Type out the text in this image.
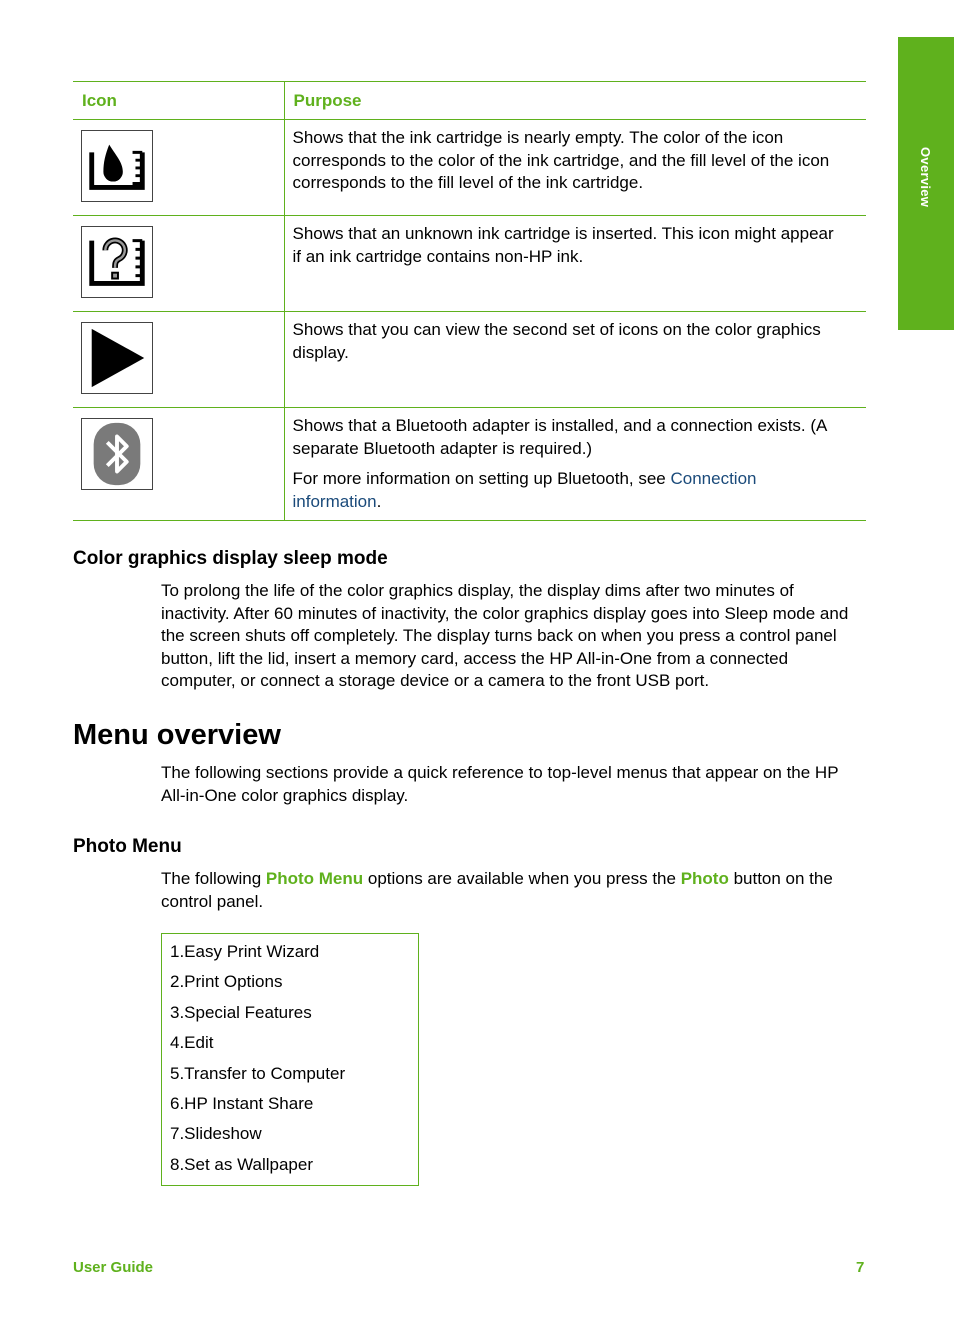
Overview
Icon	Purpose

Shows that the ink cartridge is nearly empty. The color of the icon corresponds to the color of the ink cartridge, and the fill level of the icon corresponds to the fill level of the ink cartridge.

Shows that an unknown ink cartridge is inserted. This icon might appear if an ink cartridge contains non-HP ink.

Shows that you can view the second set of icons on the color graphics display.

Shows that a Bluetooth adapter is installed, and a connection exists. (A separate Bluetooth adapter is required.)

For more information on setting up Bluetooth, see Connection information.

Color graphics display sleep mode

To prolong the life of the color graphics display, the display dims after two minutes of inactivity. After 60 minutes of inactivity, the color graphics display goes into Sleep mode and the screen shuts off completely. The display turns back on when you press a control panel button, lift the lid, insert a memory card, access the HP All-in-One from a connected computer, or connect a storage device or a camera to the front USB port.

Menu overview

The following sections provide a quick reference to top-level menus that appear on the HP All-in-One color graphics display.

Photo Menu

The following Photo Menu options are available when you press the Photo button on the control panel.

1.Easy Print Wizard
2.Print Options
3.Special Features
4.Edit
5.Transfer to Computer
6.HP Instant Share
7.Slideshow
8.Set as Wallpaper
User Guide	7
